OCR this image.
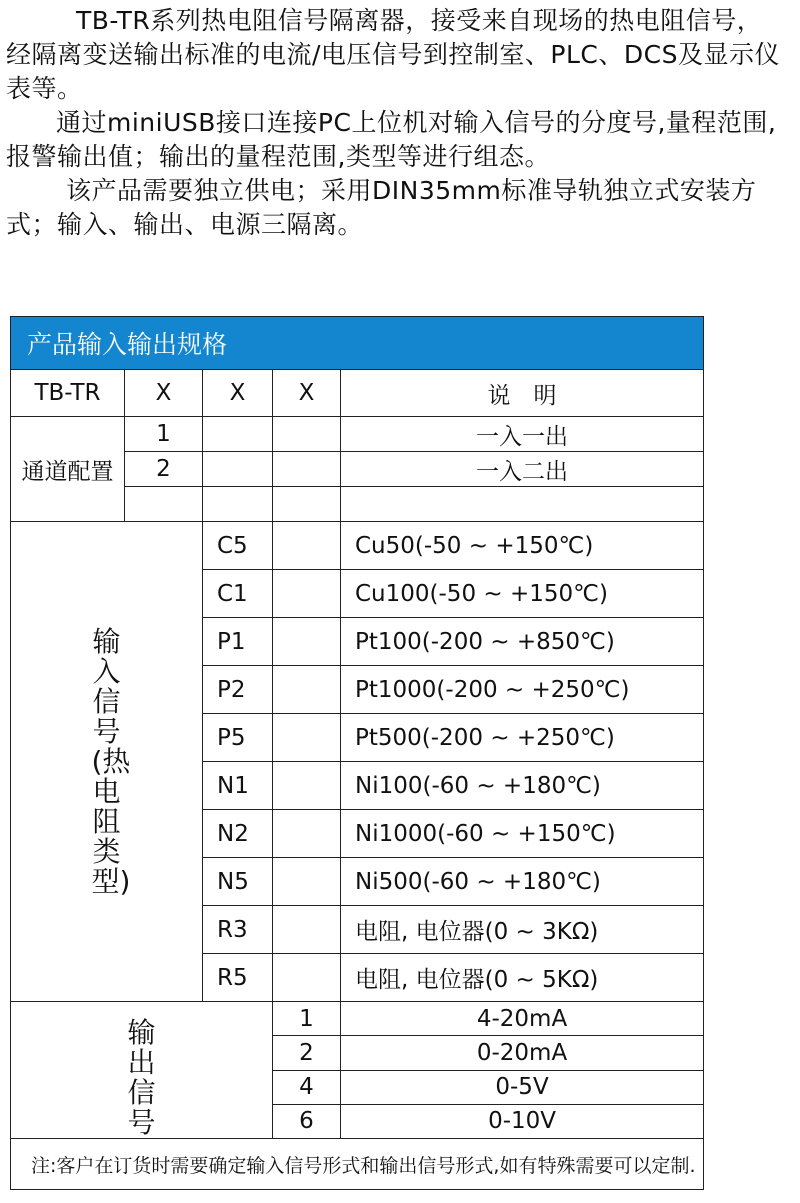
TB-TR系列热电阻信号隔离器，接受来自现场的热电阻信号， 经隔离变送输出标准的电流/电压信号到控制室、PLC、DCS及显示仪表等。

通过miniUSB接口连接PC上位机对输入信号的分度号,量程范围,报警输出值；输出的量程范围,类型等进行组态。

该产品需要独立供电；采用DIN35mm标准导轨独立式安装方式；输入、输出、电源三隔离。

产品输入输出规格				
TB-TR	X	X	X	说　明
通道配置	1			一入一出
	2			一入二出

输入信号(热电阻类型)		C5		Cu50(-50 ~ +150℃)
		C1		Cu100(-50 ~ +150℃)
		P1		Pt100(-200 ~ +850℃)
		P2		Pt1000(-200 ~ +250℃)
		P5		Pt500(-200 ~ +250℃)
		N1		Ni100(-60 ~ +180℃)
		N2		Ni1000(-60 ~ +150℃)
		N5		Ni500(-60 ~ +180℃)
		R3		电阻, 电位器(0 ~ 3KΩ)
		R5		电阻, 电位器(0 ~ 5KΩ)
输出信号			1	4-20mA
			2	0-20mA
			4	0-5V
			6	0-10V
注:客户在订货时需要确定输入信号形式和输出信号形式,如有特殊需要可以定制.				
